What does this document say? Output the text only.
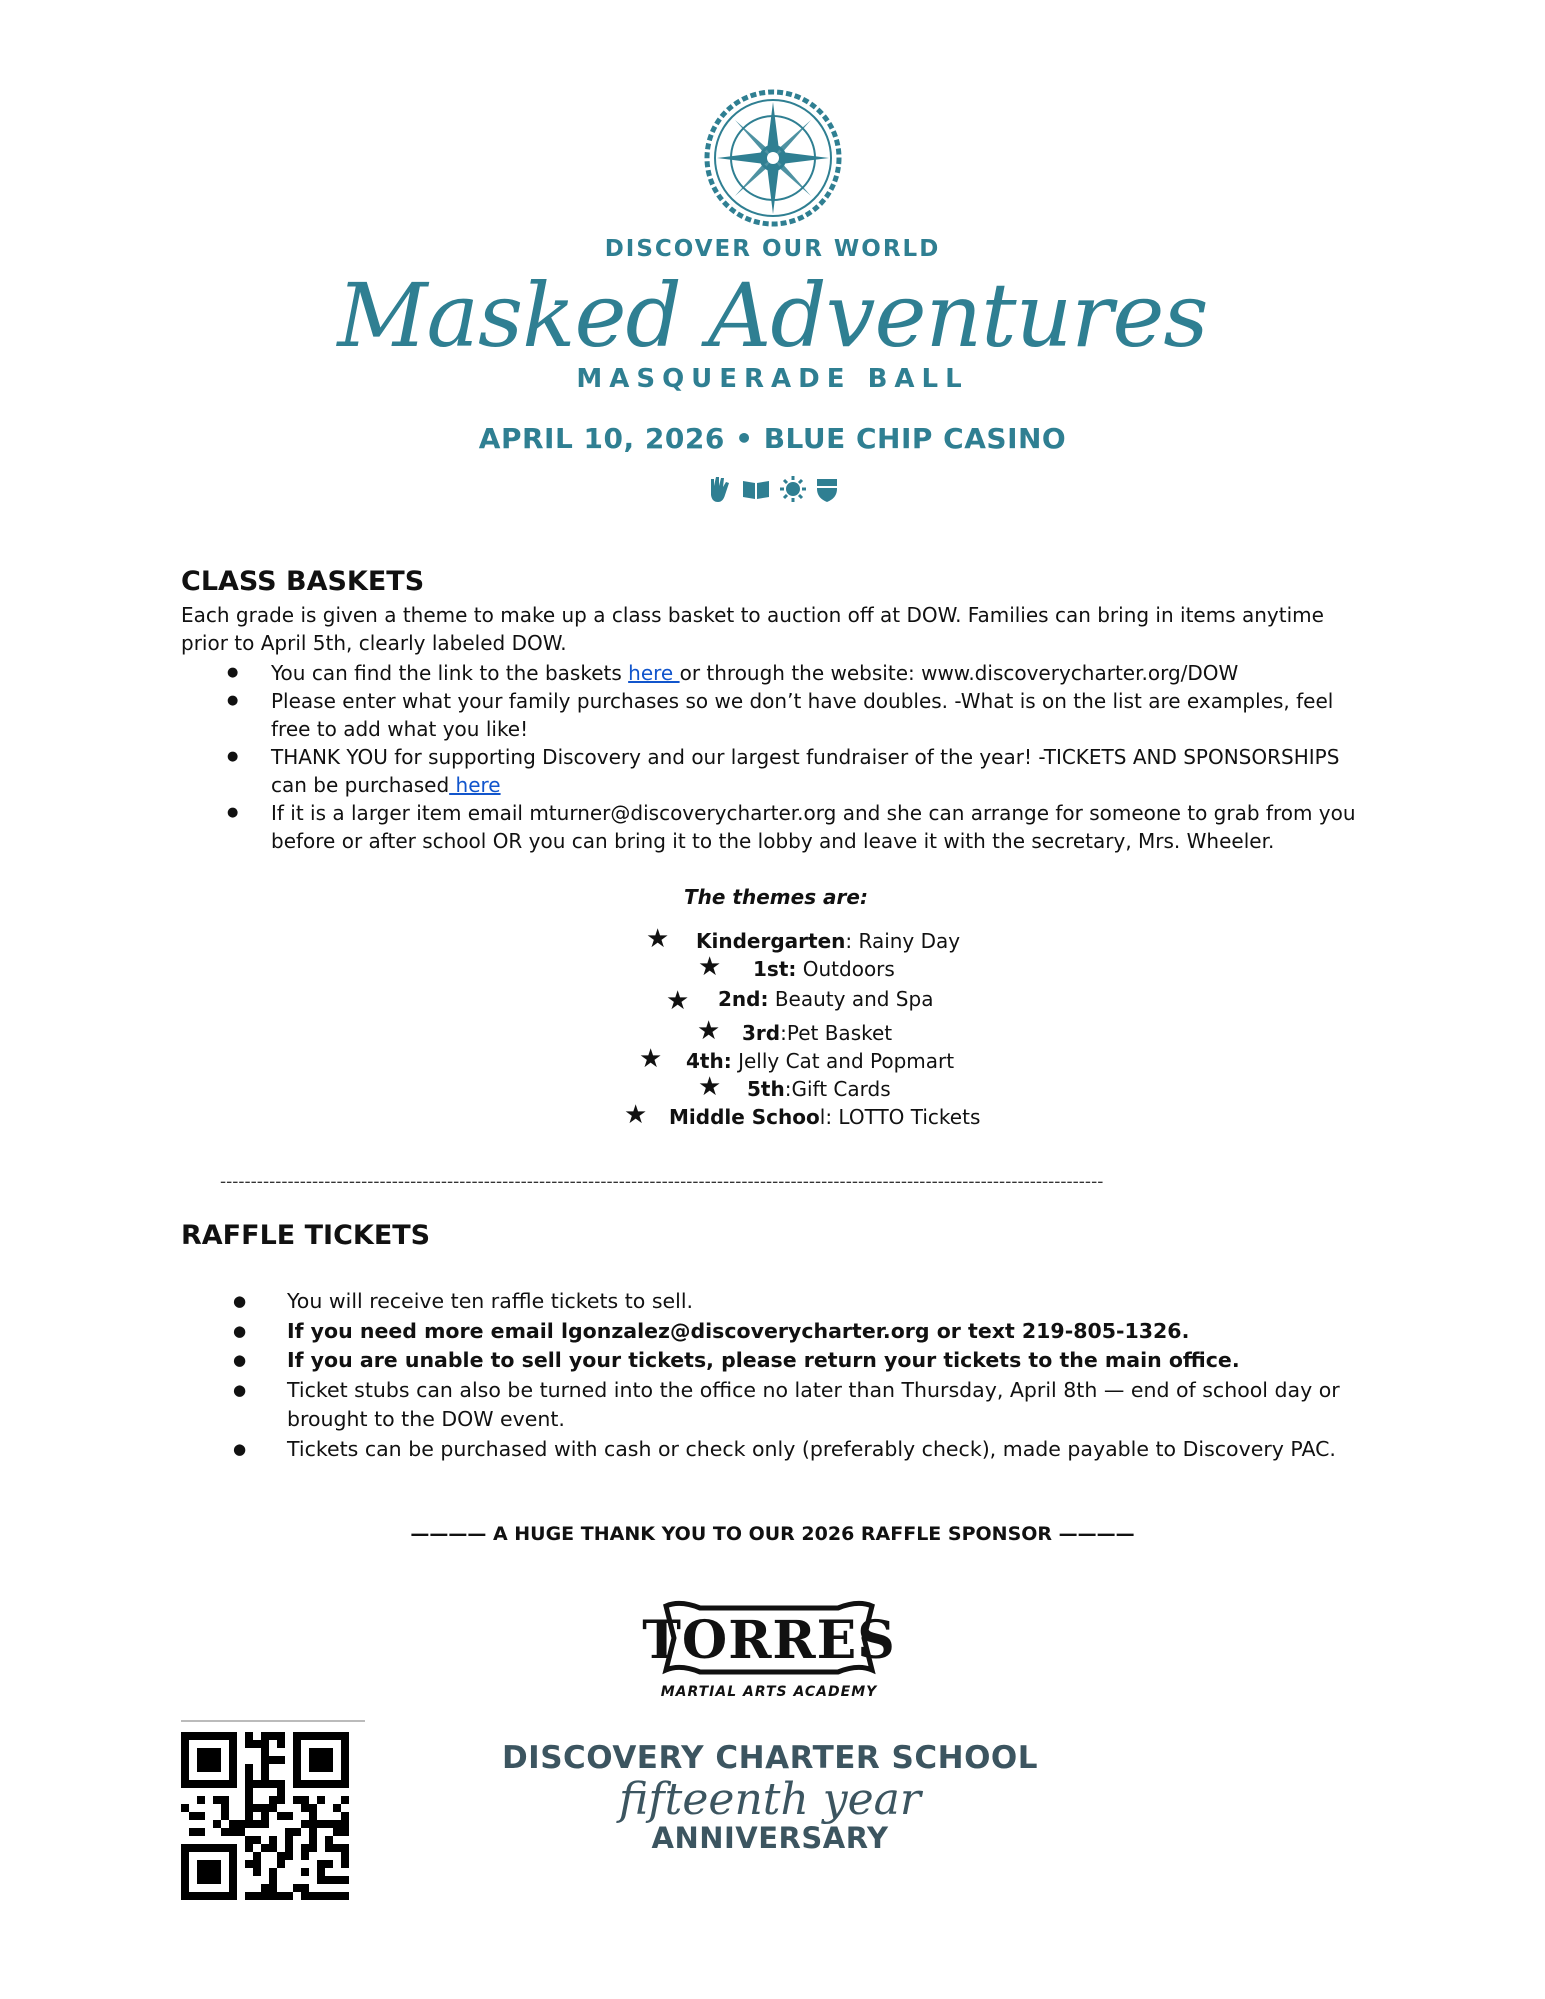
DISCOVER OUR WORLD
Masked Adventures
MASQUERADE BALL
APRIL 10, 2026 • BLUE CHIP CASINO
CLASS BASKETS
Each grade is given a theme to make up a class basket to auction off at DOW. Families can bring in items anytime prior to April 5th, clearly labeled DOW.
● You can find the link to the baskets here or through the website: www.discoverycharter.org/DOW
● Please enter what your family purchases so we don’t have doubles. -What is on the list are examples, feel free to add what you like!
● THANK YOU for supporting Discovery and our largest fundraiser of the year! -TICKETS AND SPONSORSHIPS can be purchased here
● If it is a larger item email mturner@discoverycharter.org and she can arrange for someone to grab from you before or after school OR you can bring it to the lobby and leave it with the secretary, Mrs. Wheeler.
The themes are:
★ Kindergarten: Rainy Day
★ 1st: Outdoors
★ 2nd: Beauty and Spa
★ 3rd:Pet Basket
★ 4th: Jelly Cat and Popmart
★ 5th:Gift Cards
★ Middle School: LOTTO Tickets
------------------------------------------------------------------------------------------------------------------------------------------------
RAFFLE TICKETS
● You will receive ten raffle tickets to sell.
● If you need more email lgonzalez@discoverycharter.org or text 219-805-1326.
● If you are unable to sell your tickets, please return your tickets to the main office.
● Ticket stubs can also be turned into the office no later than Thursday, April 8th — end of school day or brought to the DOW event.
● Tickets can be purchased with cash or check only (preferably check), made payable to Discovery PAC.
———— A HUGE THANK YOU TO OUR 2026 RAFFLE SPONSOR ————
TORRES
MARTIAL ARTS ACADEMY
DISCOVERY CHARTER SCHOOL
fifteenth year
ANNIVERSARY
